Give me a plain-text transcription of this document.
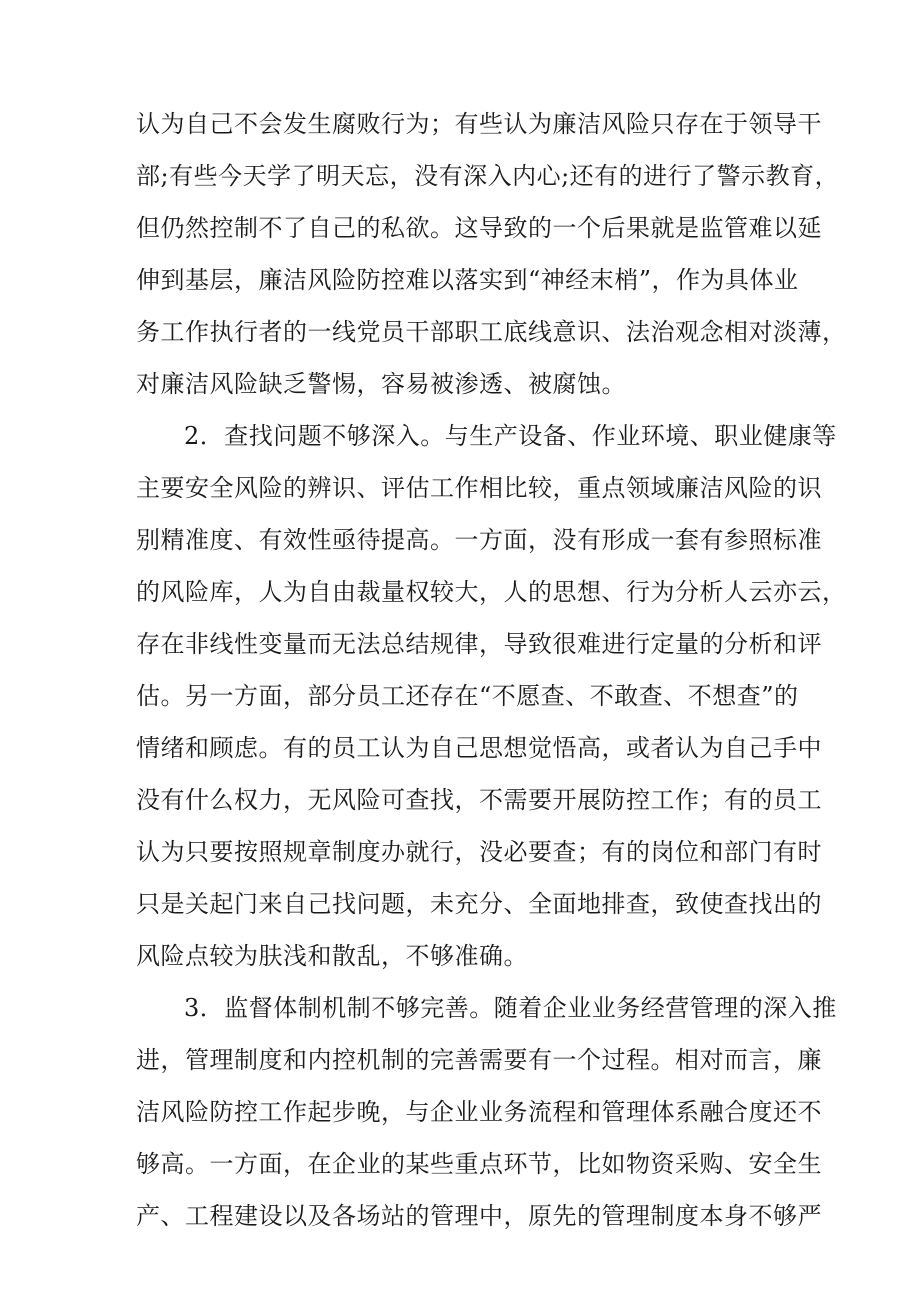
认为自己不会发生腐败行为；有些认为廉洁风险只存在于领导干
部;有些今天学了明天忘，没有深入内心;还有的进行了警示教育，
但仍然控制不了自己的私欲。这导致的一个后果就是监管难以延
伸到基层，廉洁风险防控难以落实到“神经末梢”，作为具体业
务工作执行者的一线党员干部职工底线意识、法治观念相对淡薄，
对廉洁风险缺乏警惕，容易被渗透、被腐蚀。
2．查找问题不够深入。与生产设备、作业环境、职业健康等
主要安全风险的辨识、评估工作相比较，重点领域廉洁风险的识
别精准度、有效性亟待提高。一方面，没有形成一套有参照标准
的风险库，人为自由裁量权较大，人的思想、行为分析人云亦云，
存在非线性变量而无法总结规律，导致很难进行定量的分析和评
估。另一方面，部分员工还存在“不愿查、不敢查、不想查”的
情绪和顾虑。有的员工认为自己思想觉悟高，或者认为自己手中
没有什么权力，无风险可查找，不需要开展防控工作；有的员工
认为只要按照规章制度办就行，没必要查；有的岗位和部门有时
只是关起门来自己找问题，未充分、全面地排查，致使查找出的
风险点较为肤浅和散乱，不够准确。
3．监督体制机制不够完善。随着企业业务经营管理的深入推
进，管理制度和内控机制的完善需要有一个过程。相对而言，廉
洁风险防控工作起步晚，与企业业务流程和管理体系融合度还不
够高。一方面，在企业的某些重点环节，比如物资采购、安全生
产、工程建设以及各场站的管理中，原先的管理制度本身不够严
